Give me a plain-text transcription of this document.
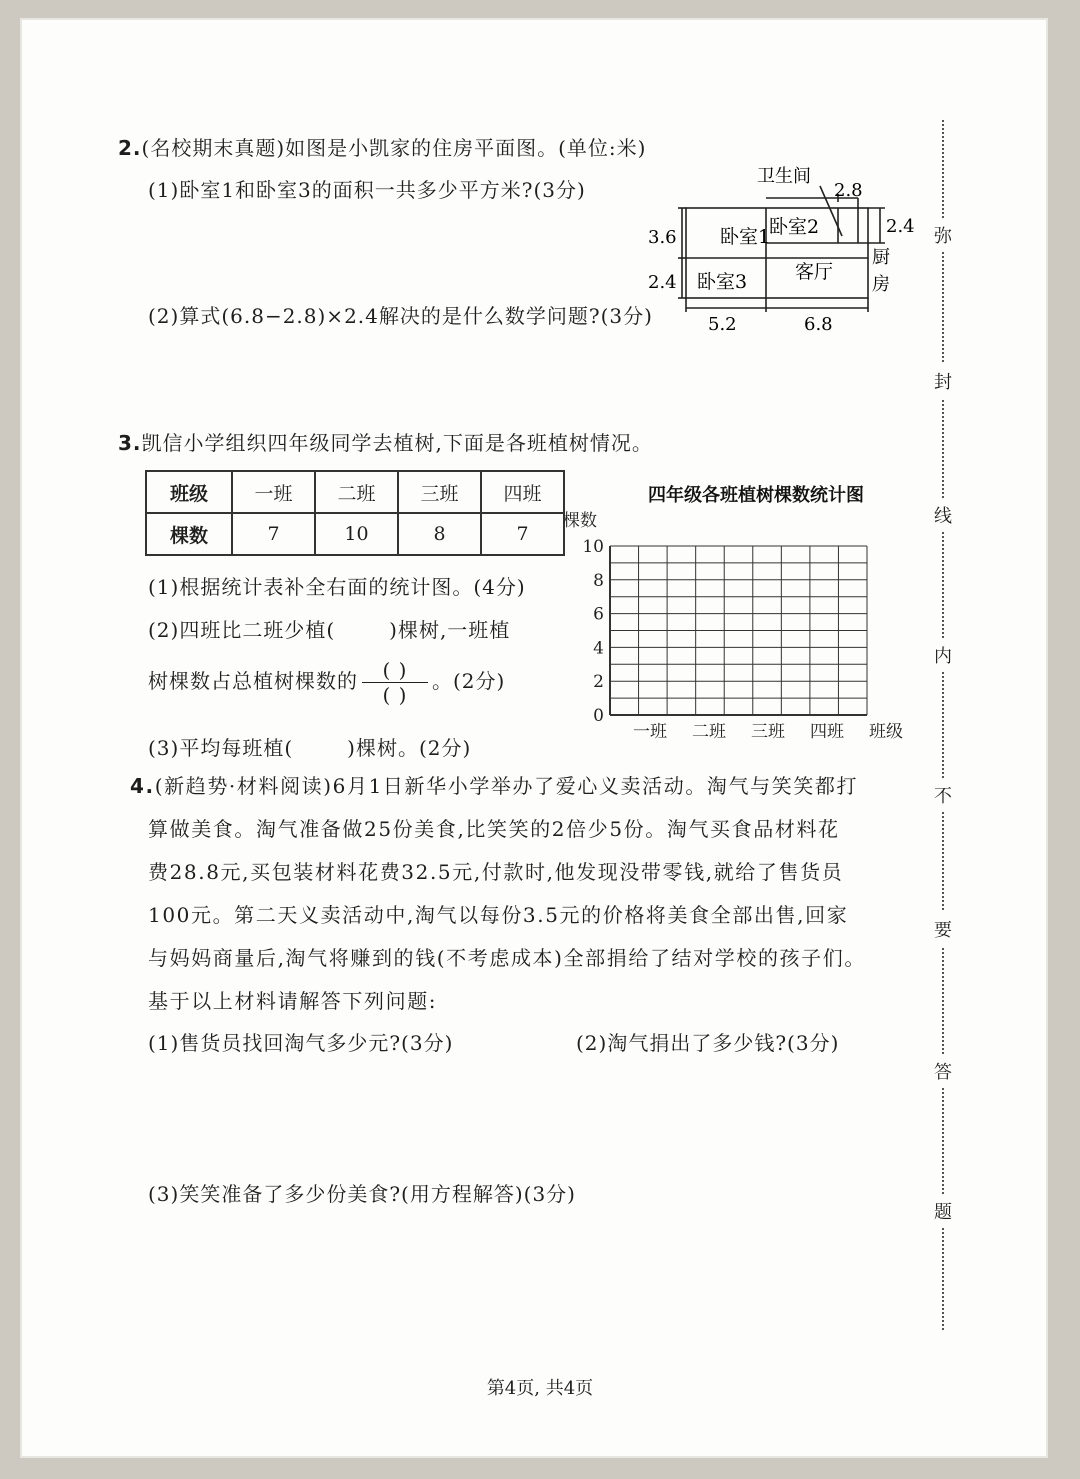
2.(名校期末真题)如图是小凯家的住房平面图。(单位:米)
(1)卧室1和卧室3的面积一共多少平方米?(3分)
(2)算式(6.8−2.8)×2.4解决的是什么数学问题?(3分)
卧室1
卧室2
卧室3	客厅
卫生间
厨
房
2.8
2.4
3.6
2.4
5.2	6.8
3.凯信小学组织四年级同学去植树,下面是各班植树情况。
班级	一班	二班	三班	四班
棵数	7	10	8	7
(1)根据统计表补全右面的统计图。(4分)
(2)四班比二班少植(	)棵树,一班植
树棵数占总植树棵数的 $\frac{( )}{( )}$ 。(2分)
(3)平均每班植(	)棵树。(2分)
0
2
4
6
8
10
一班 二班 三班 四班 班级
棵数
四年级各班植树棵数统计图
4.(新趋势·材料阅读)6月1日新华小学举办了爱心义卖活动。淘气与笑笑都打
算做美食。淘气准备做25份美食,比笑笑的2倍少5份。淘气买食品材料花
费28.8元,买包装材料花费32.5元,付款时,他发现没带零钱,就给了售货员
100元。第二天义卖活动中,淘气以每份3.5元的价格将美食全部出售,回家
与妈妈商量后,淘气将赚到的钱(不考虑成本)全部捐给了结对学校的孩子们。
基于以上材料请解答下列问题:
(1)售货员找回淘气多少元?(3分)	(2)淘气捐出了多少钱?(3分)
(3)笑笑准备了多少份美食?(用方程解答)(3分)
弥
封
线
内
不
要
答
题
第4页, 共4页
